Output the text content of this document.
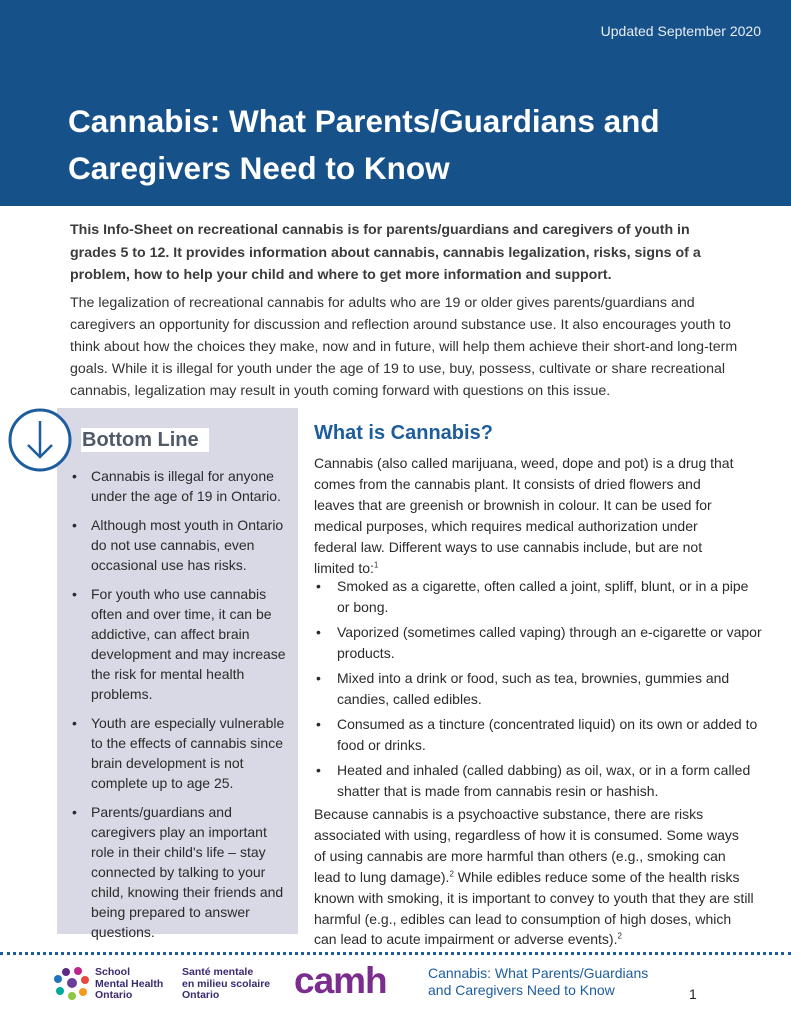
Updated September 2020
Cannabis: What Parents/Guardians and Caregivers Need to Know

This Info-Sheet on recreational cannabis is for parents/guardians and caregivers of youth in grades 5 to 12. It provides information about cannabis, cannabis legalization, risks, signs of a problem, how to help your child and where to get more information and support.

The legalization of recreational cannabis for adults who are 19 or older gives parents/guardians and caregivers an opportunity for discussion and reflection around substance use. It also encourages youth to think about how the choices they make, now and in future, will help them achieve their short-and long-term goals. While it is illegal for youth under the age of 19 to use, buy, possess, cultivate or share recreational cannabis, legalization may result in youth coming forward with questions on this issue.

Bottom Line
• Cannabis is illegal for anyone under the age of 19 in Ontario.
• Although most youth in Ontario do not use cannabis, even occasional use has risks.
• For youth who use cannabis often and over time, it can be addictive, can affect brain development and may increase the risk for mental health problems.
• Youth are especially vulnerable to the effects of cannabis since brain development is not complete up to age 25.
• Parents/guardians and caregivers play an important role in their child's life – stay connected by talking to your child, knowing their friends and being prepared to answer questions.
What is Cannabis?

Cannabis (also called marijuana, weed, dope and pot) is a drug that comes from the cannabis plant. It consists of dried flowers and leaves that are greenish or brownish in colour. It can be used for medical purposes, which requires medical authorization under federal law. Different ways to use cannabis include, but are not limited to:$^1$

• Smoked as a cigarette, often called a joint, spliff, blunt, or in a pipe or bong.
• Vaporized (sometimes called vaping) through an e-cigarette or vapor products.
• Mixed into a drink or food, such as tea, brownies, gummies and candies, called edibles.
• Consumed as a tincture (concentrated liquid) on its own or added to food or drinks.
• Heated and inhaled (called dabbing) as oil, wax, or in a form called shatter that is made from cannabis resin or hashish.

Because cannabis is a psychoactive substance, there are risks associated with using, regardless of how it is consumed. Some ways of using cannabis are more harmful than others (e.g., smoking can lead to lung damage).$^2$ While edibles reduce some of the health risks known with smoking, it is important to convey to youth that they are still harmful (e.g., edibles can lead to consumption of high doses, which can lead to acute impairment or adverse events).$^2$

School
Mental Health
Ontario
Santé mentale
en milieu scolaire
Ontario	camh	Cannabis: What Parents/Guardians
and Caregivers Need to Know	1
